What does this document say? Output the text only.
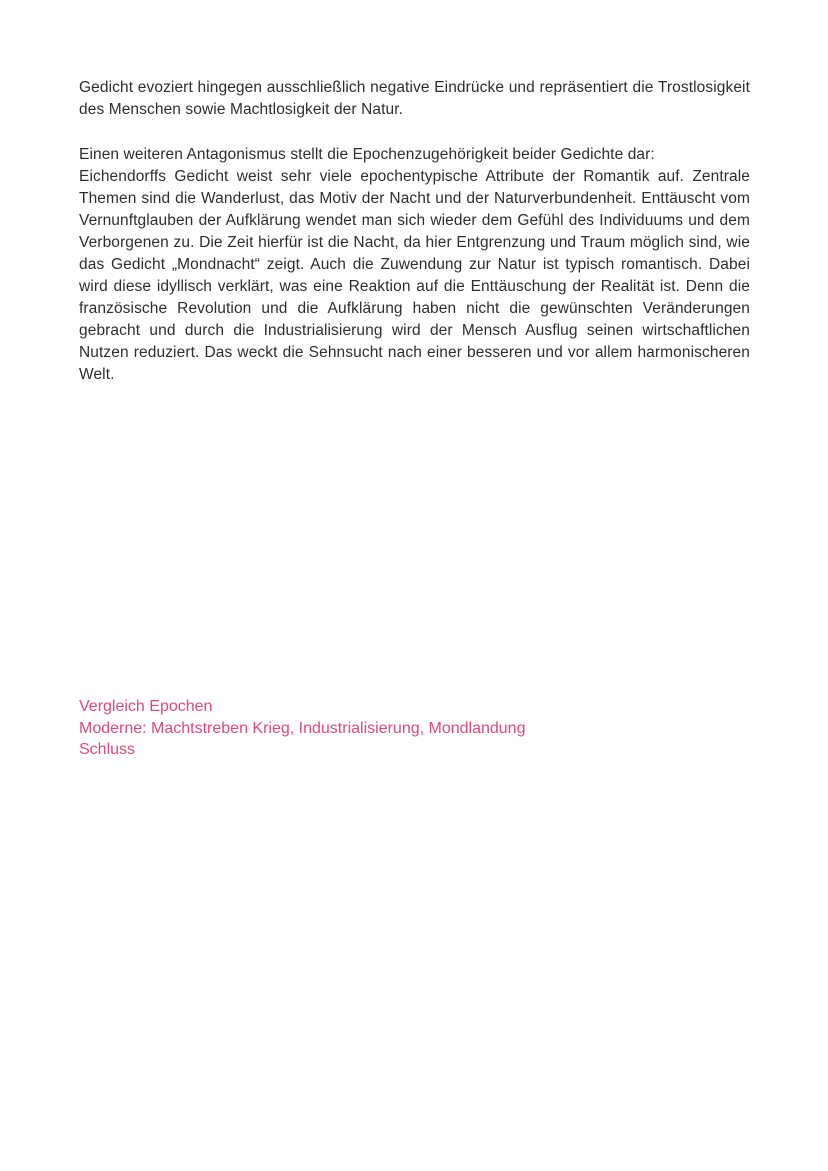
Gedicht evoziert hingegen ausschließlich negative Eindrücke und repräsentiert die Trostlosigkeit des Menschen sowie Machtlosigkeit der Natur.

Einen weiteren Antagonismus stellt die Epochenzugehörigkeit beider Gedichte dar:

Eichendorffs Gedicht weist sehr viele epochentypische Attribute der Romantik auf. Zentrale Themen sind die Wanderlust, das Motiv der Nacht und der Naturverbundenheit. Enttäuscht vom Vernunftglauben der Aufklärung wendet man sich wieder dem Gefühl des Individuums und dem Verborgenen zu. Die Zeit hierfür ist die Nacht, da hier Entgrenzung und Traum möglich sind, wie das Gedicht „Mondnacht“ zeigt. Auch die Zuwendung zur Natur ist typisch romantisch. Dabei wird diese idyllisch verklärt, was eine Reaktion auf die Enttäuschung der Realität ist. Denn die französische Revolution und die Aufklärung haben nicht die gewünschten Veränderungen gebracht und durch die Industrialisierung wird der Mensch Ausflug seinen wirtschaftlichen Nutzen reduziert. Das weckt die Sehnsucht nach einer besseren und vor allem harmonischeren Welt.

Vergleich Epochen

Moderne: Machtstreben Krieg, Industrialisierung, Mondlandung

Schluss
